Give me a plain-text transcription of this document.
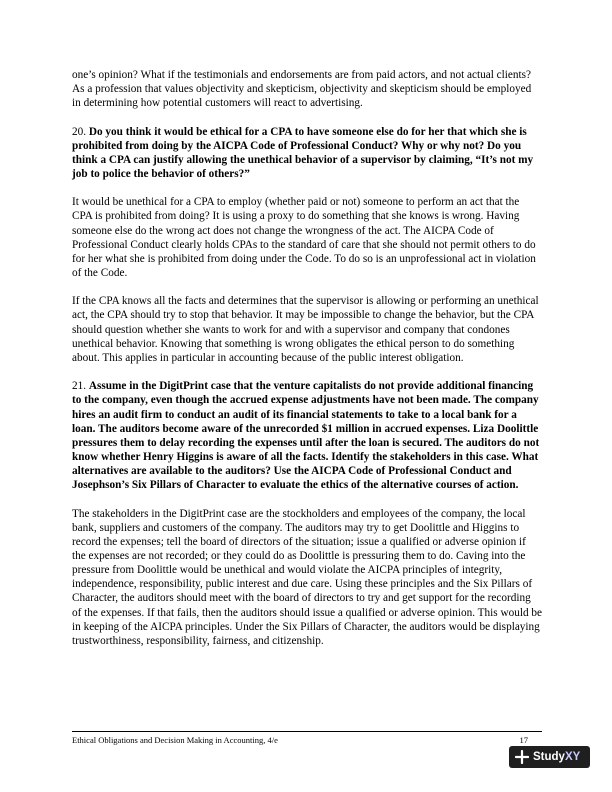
one’s opinion? What if the testimonials and endorsements are from paid actors, and not actual clients? As a profession that values objectivity and skepticism, objectivity and skepticism should be employed in determining how potential customers will react to advertising.

20. Do you think it would be ethical for a CPA to have someone else do for her that which she is prohibited from doing by the AICPA Code of Professional Conduct? Why or why not? Do you think a CPA can justify allowing the unethical behavior of a supervisor by claiming, “It’s not my job to police the behavior of others?”

It would be unethical for a CPA to employ (whether paid or not) someone to perform an act that the CPA is prohibited from doing? It is using a proxy to do something that she knows is wrong. Having someone else do the wrong act does not change the wrongness of the act. The AICPA Code of Professional Conduct clearly holds CPAs to the standard of care that she should not permit others to do for her what she is prohibited from doing under the Code. To do so is an unprofessional act in violation of the Code.

If the CPA knows all the facts and determines that the supervisor is allowing or performing an unethical act, the CPA should try to stop that behavior. It may be impossible to change the behavior, but the CPA should question whether she wants to work for and with a supervisor and company that condones unethical behavior. Knowing that something is wrong obligates the ethical person to do something about. This applies in particular in accounting because of the public interest obligation.

21. Assume in the DigitPrint case that the venture capitalists do not provide additional financing to the company, even though the accrued expense adjustments have not been made. The company hires an audit firm to conduct an audit of its financial statements to take to a local bank for a loan. The auditors become aware of the unrecorded $1 million in accrued expenses. Liza Doolittle pressures them to delay recording the expenses until after the loan is secured. The auditors do not know whether Henry Higgins is aware of all the facts. Identify the stakeholders in this case. What alternatives are available to the auditors? Use the AICPA Code of Professional Conduct and Josephson’s Six Pillars of Character to evaluate the ethics of the alternative courses of action.

The stakeholders in the DigitPrint case are the stockholders and employees of the company, the local bank, suppliers and customers of the company. The auditors may try to get Doolittle and Higgins to record the expenses; tell the board of directors of the situation; issue a qualified or adverse opinion if the expenses are not recorded; or they could do as Doolittle is pressuring them to do. Caving into the pressure from Doolittle would be unethical and would violate the AICPA principles of integrity, independence, responsibility, public interest and due care. Using these principles and the Six Pillars of Character, the auditors should meet with the board of directors to try and get support for the recording of the expenses. If that fails, then the auditors should issue a qualified or adverse opinion. This would be in keeping of the AICPA principles. Under the Six Pillars of Character, the auditors would be displaying trustworthiness, responsibility, fairness, and citizenship.

Ethical Obligations and Decision Making in Accounting, 4/e	17
Study XY
